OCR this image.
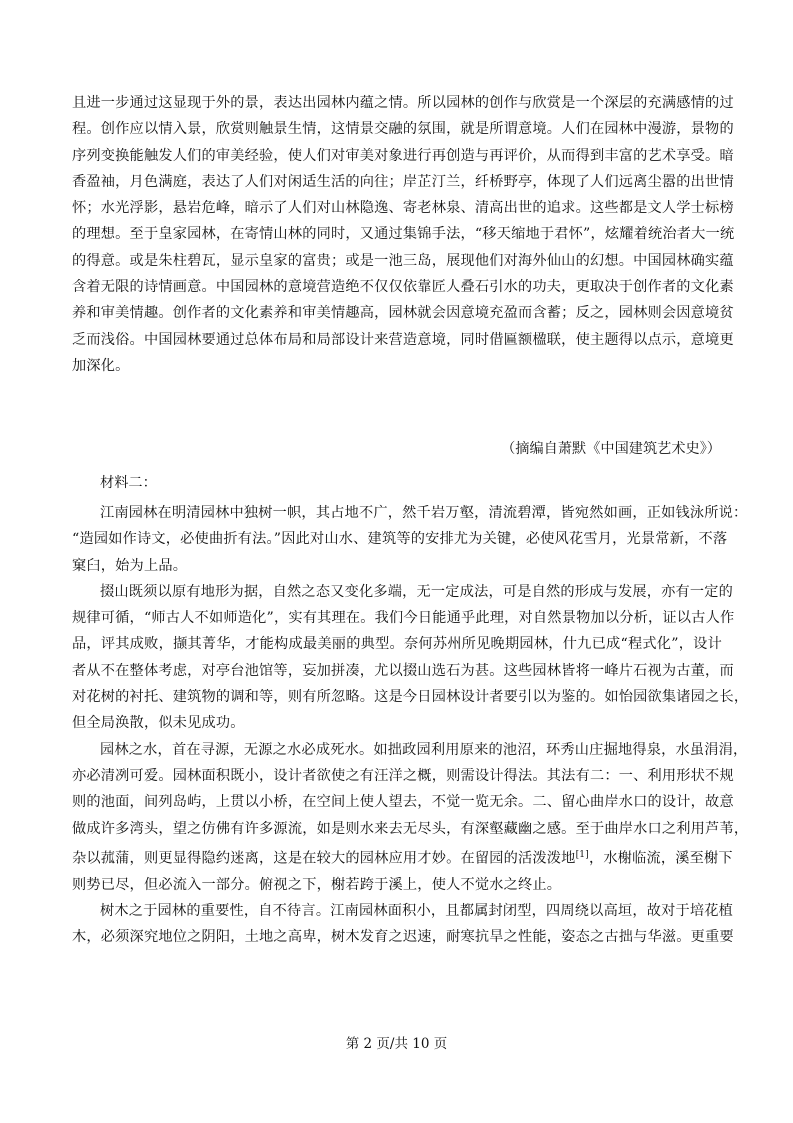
且进一步通过这显现于外的景，表达出园林内蕴之情。所以园林的创作与欣赏是一个深层的充满感情的过
程。创作应以情入景，欣赏则触景生情，这情景交融的氛围，就是所谓意境。人们在园林中漫游，景物的
序列变换能触发人们的审美经验，使人们对审美对象进行再创造与再评价，从而得到丰富的艺术享受。暗
香盈袖，月色满庭，表达了人们对闲适生活的向往；岸芷汀兰，纤桥野亭，体现了人们远离尘嚣的出世情
怀；水光浮影，悬岩危峰，暗示了人们对山林隐逸、寄老林泉、清高出世的追求。这些都是文人学士标榜
的理想。至于皇家园林，在寄情山林的同时，又通过集锦手法，“移天缩地于君怀”，炫耀着统治者大一统
的得意。或是朱柱碧瓦，显示皇家的富贵；或是一池三岛，展现他们对海外仙山的幻想。中国园林确实蕴
含着无限的诗情画意。中国园林的意境营造绝不仅仅依靠匠人叠石引水的功夫，更取决于创作者的文化素
养和审美情趣。创作者的文化素养和审美情趣高，园林就会因意境充盈而含蓄；反之，园林则会因意境贫
乏而浅俗。中国园林要通过总体布局和局部设计来营造意境，同时借匾额楹联，使主题得以点示，意境更
加深化。
（摘编自萧默《中国建筑艺术史》）
材料二：
江南园林在明清园林中独树一帜，其占地不广，然千岩万壑，清流碧潭，皆宛然如画，正如钱泳所说：
“造园如作诗文，必使曲折有法。”因此对山水、建筑等的安排尤为关键，必使风花雪月，光景常新，不落
窠臼，始为上品。
掇山既须以原有地形为据，自然之态又变化多端，无一定成法，可是自然的形成与发展，亦有一定的
规律可循，“师古人不如师造化”，实有其理在。我们今日能通乎此理，对自然景物加以分析，证以古人作
品，评其成败，撷其菁华，才能构成最美丽的典型。奈何苏州所见晚期园林，什九已成“程式化”，设计
者从不在整体考虑，对亭台池馆等，妄加拼凑，尤以掇山选石为甚。这些园林皆将一峰片石视为古董，而
对花树的衬托、建筑物的调和等，则有所忽略。这是今日园林设计者要引以为鉴的。如怡园欲集诸园之长，
但全局涣散，似未见成功。
园林之水，首在寻源，无源之水必成死水。如拙政园利用原来的池沼，环秀山庄掘地得泉，水虽涓涓，
亦必清冽可爱。园林面积既小，设计者欲使之有汪洋之概，则需设计得法。其法有二：一、利用形状不规
则的池面，间列岛屿，上贯以小桥，在空间上使人望去，不觉一览无余。二、留心曲岸水口的设计，故意
做成许多湾头，望之仿佛有许多源流，如是则水来去无尽头，有深壑藏幽之感。至于曲岸水口之利用芦苇，
杂以菰蒲，则更显得隐约迷离，这是在较大的园林应用才妙。在留园的活泼泼地[1]，水榭临流，溪至榭下
则势已尽，但必流入一部分。俯视之下，榭若跨于溪上，使人不觉水之终止。
树木之于园林的重要性，自不待言。江南园林面积小，且都属封闭型，四周绕以高垣，故对于培花植
木，必须深究地位之阴阳，土地之高卑，树木发育之迟速，耐寒抗旱之性能，姿态之古拙与华滋。更重要
第 2 页/共 10 页
